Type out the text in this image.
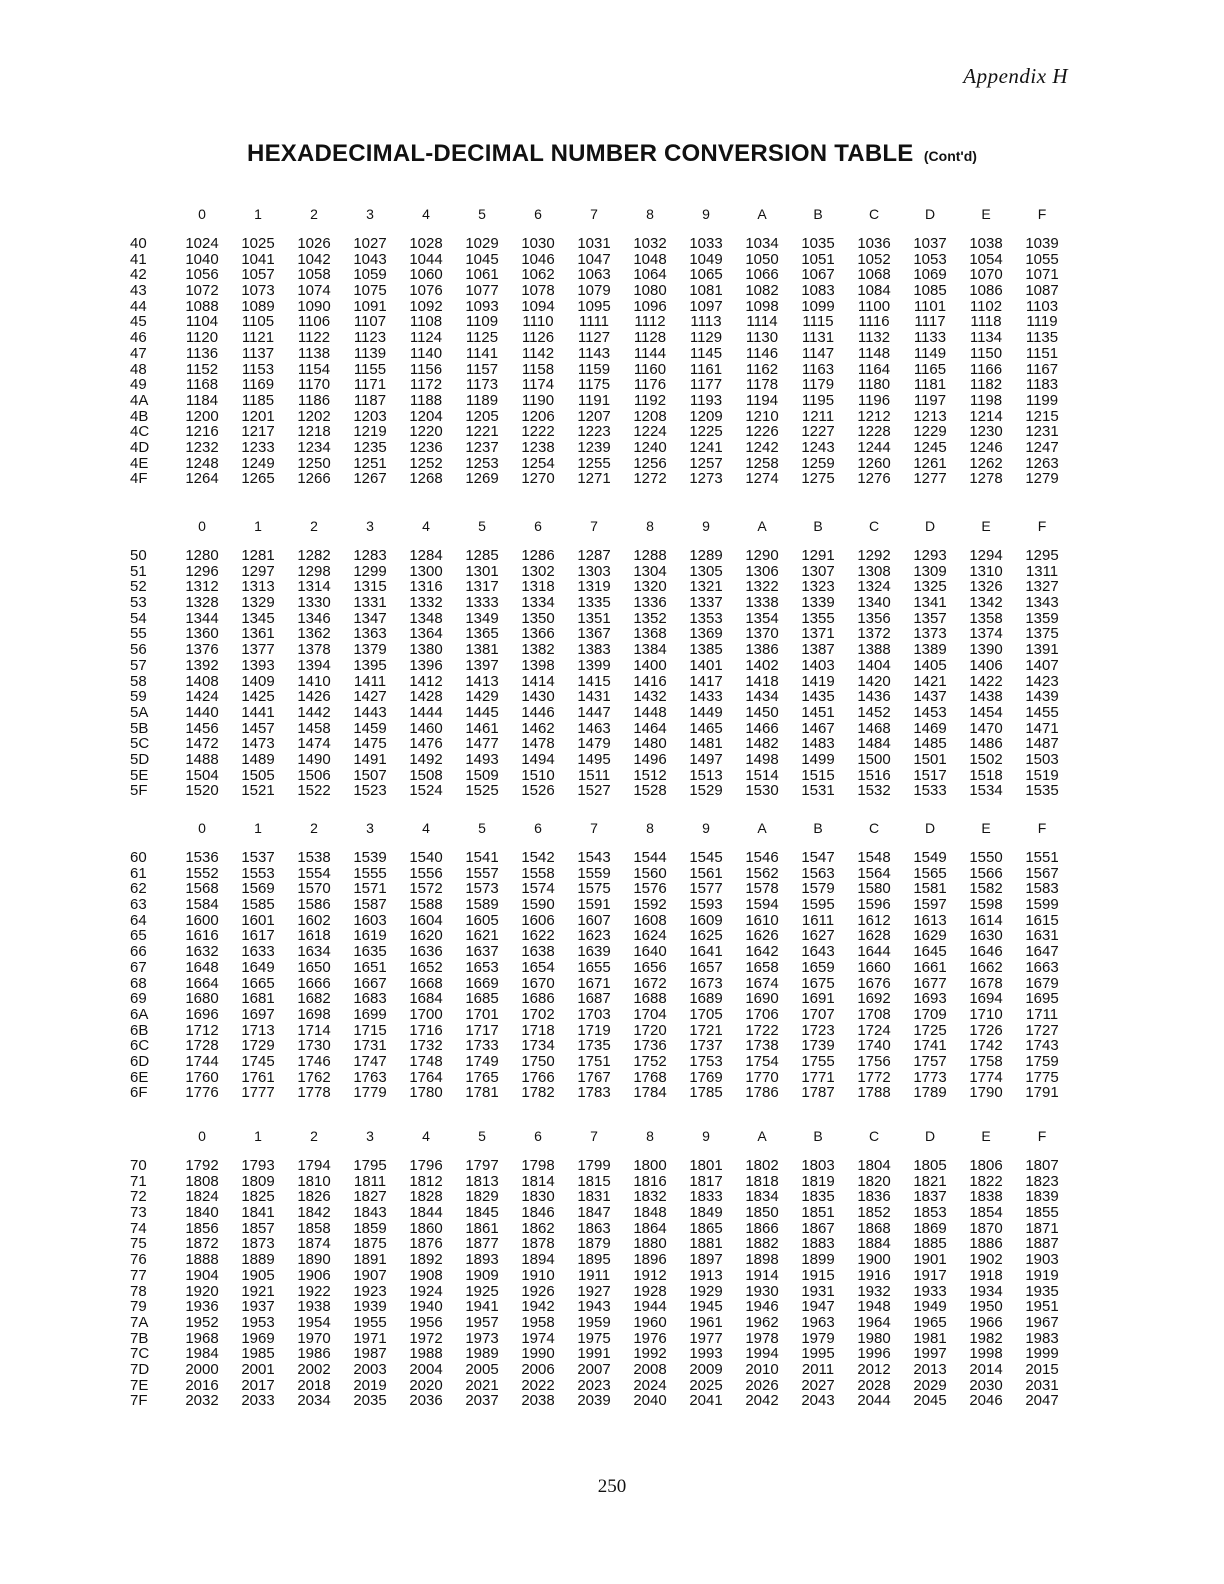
Appendix H
HEXADECIMAL-DECIMAL NUMBER CONVERSION TABLE (Cont'd)
0	1	2	3	4	5	6	7	8	9	A	B	C	D	E	F
40	1024	1025	1026	1027	1028	1029	1030	1031	1032	1033	1034	1035	1036	1037	1038	1039
41	1040	1041	1042	1043	1044	1045	1046	1047	1048	1049	1050	1051	1052	1053	1054	1055
42	1056	1057	1058	1059	1060	1061	1062	1063	1064	1065	1066	1067	1068	1069	1070	1071
43	1072	1073	1074	1075	1076	1077	1078	1079	1080	1081	1082	1083	1084	1085	1086	1087
44	1088	1089	1090	1091	1092	1093	1094	1095	1096	1097	1098	1099	1100	1101	1102	1103
45	1104	1105	1106	1107	1108	1109	1110	1111	1112	1113	1114	1115	1116	1117	1118	1119
46	1120	1121	1122	1123	1124	1125	1126	1127	1128	1129	1130	1131	1132	1133	1134	1135
47	1136	1137	1138	1139	1140	1141	1142	1143	1144	1145	1146	1147	1148	1149	1150	1151
48	1152	1153	1154	1155	1156	1157	1158	1159	1160	1161	1162	1163	1164	1165	1166	1167
49	1168	1169	1170	1171	1172	1173	1174	1175	1176	1177	1178	1179	1180	1181	1182	1183
4A	1184	1185	1186	1187	1188	1189	1190	1191	1192	1193	1194	1195	1196	1197	1198	1199
4B	1200	1201	1202	1203	1204	1205	1206	1207	1208	1209	1210	1211	1212	1213	1214	1215
4C	1216	1217	1218	1219	1220	1221	1222	1223	1224	1225	1226	1227	1228	1229	1230	1231
4D	1232	1233	1234	1235	1236	1237	1238	1239	1240	1241	1242	1243	1244	1245	1246	1247
4E	1248	1249	1250	1251	1252	1253	1254	1255	1256	1257	1258	1259	1260	1261	1262	1263
4F	1264	1265	1266	1267	1268	1269	1270	1271	1272	1273	1274	1275	1276	1277	1278	1279
0	1	2	3	4	5	6	7	8	9	A	B	C	D	E	F
50	1280	1281	1282	1283	1284	1285	1286	1287	1288	1289	1290	1291	1292	1293	1294	1295
51	1296	1297	1298	1299	1300	1301	1302	1303	1304	1305	1306	1307	1308	1309	1310	1311
52	1312	1313	1314	1315	1316	1317	1318	1319	1320	1321	1322	1323	1324	1325	1326	1327
53	1328	1329	1330	1331	1332	1333	1334	1335	1336	1337	1338	1339	1340	1341	1342	1343
54	1344	1345	1346	1347	1348	1349	1350	1351	1352	1353	1354	1355	1356	1357	1358	1359
55	1360	1361	1362	1363	1364	1365	1366	1367	1368	1369	1370	1371	1372	1373	1374	1375
56	1376	1377	1378	1379	1380	1381	1382	1383	1384	1385	1386	1387	1388	1389	1390	1391
57	1392	1393	1394	1395	1396	1397	1398	1399	1400	1401	1402	1403	1404	1405	1406	1407
58	1408	1409	1410	1411	1412	1413	1414	1415	1416	1417	1418	1419	1420	1421	1422	1423
59	1424	1425	1426	1427	1428	1429	1430	1431	1432	1433	1434	1435	1436	1437	1438	1439
5A	1440	1441	1442	1443	1444	1445	1446	1447	1448	1449	1450	1451	1452	1453	1454	1455
5B	1456	1457	1458	1459	1460	1461	1462	1463	1464	1465	1466	1467	1468	1469	1470	1471
5C	1472	1473	1474	1475	1476	1477	1478	1479	1480	1481	1482	1483	1484	1485	1486	1487
5D	1488	1489	1490	1491	1492	1493	1494	1495	1496	1497	1498	1499	1500	1501	1502	1503
5E	1504	1505	1506	1507	1508	1509	1510	1511	1512	1513	1514	1515	1516	1517	1518	1519
5F	1520	1521	1522	1523	1524	1525	1526	1527	1528	1529	1530	1531	1532	1533	1534	1535
0	1	2	3	4	5	6	7	8	9	A	B	C	D	E	F
60	1536	1537	1538	1539	1540	1541	1542	1543	1544	1545	1546	1547	1548	1549	1550	1551
61	1552	1553	1554	1555	1556	1557	1558	1559	1560	1561	1562	1563	1564	1565	1566	1567
62	1568	1569	1570	1571	1572	1573	1574	1575	1576	1577	1578	1579	1580	1581	1582	1583
63	1584	1585	1586	1587	1588	1589	1590	1591	1592	1593	1594	1595	1596	1597	1598	1599
64	1600	1601	1602	1603	1604	1605	1606	1607	1608	1609	1610	1611	1612	1613	1614	1615
65	1616	1617	1618	1619	1620	1621	1622	1623	1624	1625	1626	1627	1628	1629	1630	1631
66	1632	1633	1634	1635	1636	1637	1638	1639	1640	1641	1642	1643	1644	1645	1646	1647
67	1648	1649	1650	1651	1652	1653	1654	1655	1656	1657	1658	1659	1660	1661	1662	1663
68	1664	1665	1666	1667	1668	1669	1670	1671	1672	1673	1674	1675	1676	1677	1678	1679
69	1680	1681	1682	1683	1684	1685	1686	1687	1688	1689	1690	1691	1692	1693	1694	1695
6A	1696	1697	1698	1699	1700	1701	1702	1703	1704	1705	1706	1707	1708	1709	1710	1711
6B	1712	1713	1714	1715	1716	1717	1718	1719	1720	1721	1722	1723	1724	1725	1726	1727
6C	1728	1729	1730	1731	1732	1733	1734	1735	1736	1737	1738	1739	1740	1741	1742	1743
6D	1744	1745	1746	1747	1748	1749	1750	1751	1752	1753	1754	1755	1756	1757	1758	1759
6E	1760	1761	1762	1763	1764	1765	1766	1767	1768	1769	1770	1771	1772	1773	1774	1775
6F	1776	1777	1778	1779	1780	1781	1782	1783	1784	1785	1786	1787	1788	1789	1790	1791
0	1	2	3	4	5	6	7	8	9	A	B	C	D	E	F
70	1792	1793	1794	1795	1796	1797	1798	1799	1800	1801	1802	1803	1804	1805	1806	1807
71	1808	1809	1810	1811	1812	1813	1814	1815	1816	1817	1818	1819	1820	1821	1822	1823
72	1824	1825	1826	1827	1828	1829	1830	1831	1832	1833	1834	1835	1836	1837	1838	1839
73	1840	1841	1842	1843	1844	1845	1846	1847	1848	1849	1850	1851	1852	1853	1854	1855
74	1856	1857	1858	1859	1860	1861	1862	1863	1864	1865	1866	1867	1868	1869	1870	1871
75	1872	1873	1874	1875	1876	1877	1878	1879	1880	1881	1882	1883	1884	1885	1886	1887
76	1888	1889	1890	1891	1892	1893	1894	1895	1896	1897	1898	1899	1900	1901	1902	1903
77	1904	1905	1906	1907	1908	1909	1910	1911	1912	1913	1914	1915	1916	1917	1918	1919
78	1920	1921	1922	1923	1924	1925	1926	1927	1928	1929	1930	1931	1932	1933	1934	1935
79	1936	1937	1938	1939	1940	1941	1942	1943	1944	1945	1946	1947	1948	1949	1950	1951
7A	1952	1953	1954	1955	1956	1957	1958	1959	1960	1961	1962	1963	1964	1965	1966	1967
7B	1968	1969	1970	1971	1972	1973	1974	1975	1976	1977	1978	1979	1980	1981	1982	1983
7C	1984	1985	1986	1987	1988	1989	1990	1991	1992	1993	1994	1995	1996	1997	1998	1999
7D	2000	2001	2002	2003	2004	2005	2006	2007	2008	2009	2010	2011	2012	2013	2014	2015
7E	2016	2017	2018	2019	2020	2021	2022	2023	2024	2025	2026	2027	2028	2029	2030	2031
7F	2032	2033	2034	2035	2036	2037	2038	2039	2040	2041	2042	2043	2044	2045	2046	2047
250
